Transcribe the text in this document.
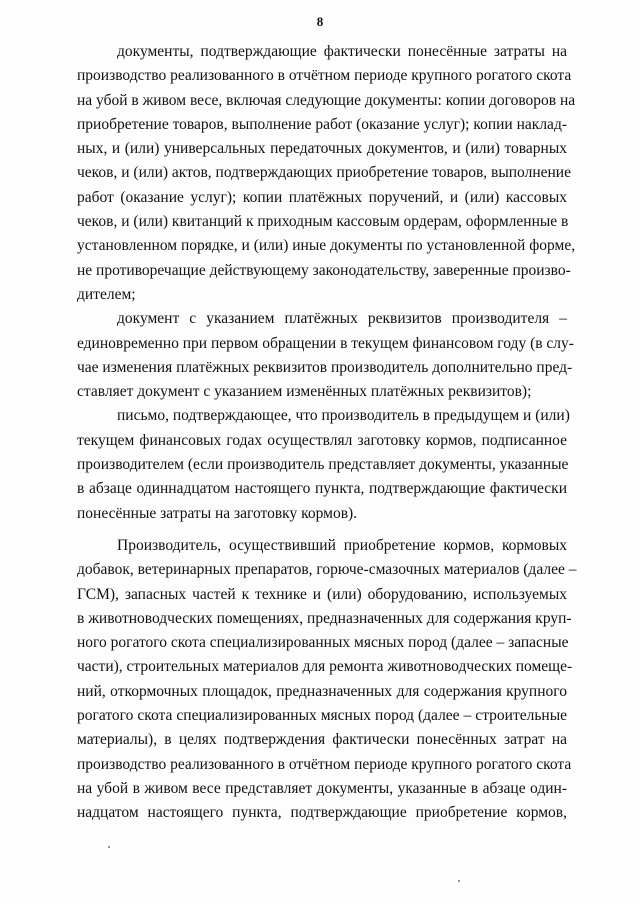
8
документы, подтверждающие фактически понесённые затраты на
производство реализованного в отчётном периоде крупного рогатого скота
на убой в живом весе, включая следующие документы: копии договоров на
приобретение товаров, выполнение работ (оказание услуг); копии наклад-
ных, и (или) универсальных передаточных документов, и (или) товарных
чеков, и (или) актов, подтверждающих приобретение товаров, выполнение
работ (оказание услуг); копии платёжных поручений, и (или) кассовых
чеков, и (или) квитанций к приходным кассовым ордерам, оформленные в
установленном порядке, и (или) иные документы по установленной форме,
не противоречащие действующему законодательству, заверенные произво-
дителем;
документ с указанием платёжных реквизитов производителя –
единовременно при первом обращении в текущем финансовом году (в слу-
чае изменения платёжных реквизитов производитель дополнительно пред-
ставляет документ с указанием изменённых платёжных реквизитов);
письмо, подтверждающее, что производитель в предыдущем и (или)
текущем финансовых годах осуществлял заготовку кормов, подписанное
производителем (если производитель представляет документы, указанные
в абзаце одиннадцатом настоящего пункта, подтверждающие фактически
понесённые затраты на заготовку кормов).
Производитель, осуществивший приобретение кормов, кормовых
добавок, ветеринарных препаратов, горюче-смазочных материалов (далее –
ГСМ), запасных частей к технике и (или) оборудованию, используемых
в животноводческих помещениях, предназначенных для содержания круп-
ного рогатого скота специализированных мясных пород (далее – запасные
части), строительных материалов для ремонта животноводческих помеще-
ний, откормочных площадок, предназначенных для содержания крупного
рогатого скота специализированных мясных пород (далее – строительные
материалы), в целях подтверждения фактически понесённых затрат на
производство реализованного в отчётном периоде крупного рогатого скота
на убой в живом весе представляет документы, указанные в абзаце один-
надцатом настоящего пункта, подтверждающие приобретение кормов,
